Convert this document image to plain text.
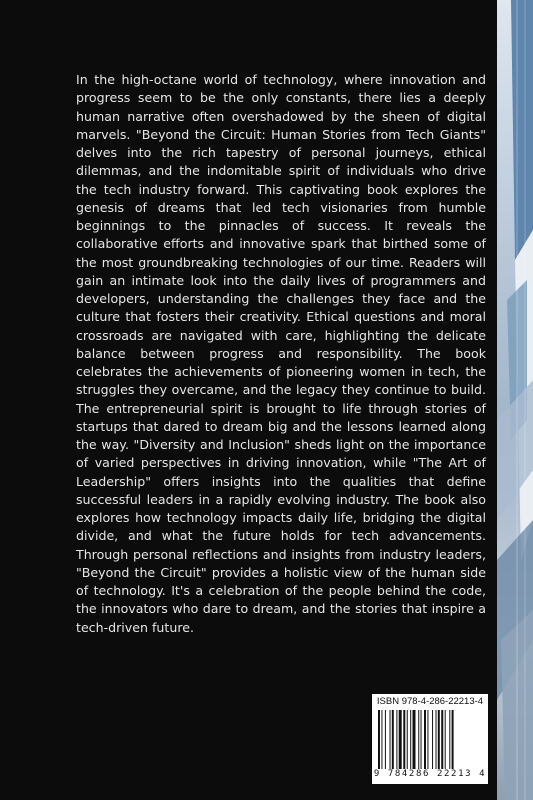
In the high-octane world of technology, where innovation and progress seem to be the only constants, there lies a deeply human narrative often overshadowed by the sheen of digital marvels. "Beyond the Circuit: Human Stories from Tech Giants" delves into the rich tapestry of personal journeys, ethical dilemmas, and the indomitable spirit of individuals who drive the tech industry forward. This captivating book explores the genesis of dreams that led tech visionaries from humble beginnings to the pinnacles of success. It reveals the collaborative efforts and innovative spark that birthed some of the most groundbreaking technologies of our time. Readers will gain an intimate look into the daily lives of programmers and developers, understanding the challenges they face and the culture that fosters their creativity. Ethical questions and moral crossroads are navigated with care, highlighting the delicate balance between progress and responsibility. The book celebrates the achievements of pioneering women in tech, the struggles they overcame, and the legacy they continue to build. The entrepreneurial spirit is brought to life through stories of startups that dared to dream big and the lessons learned along the way. "Diversity and Inclusion" sheds light on the importance of varied perspectives in driving innovation, while "The Art of Leadership" offers insights into the qualities that define successful leaders in a rapidly evolving industry. The book also explores how technology impacts daily life, bridging the digital divide, and what the future holds for tech advancements. Through personal reflections and insights from industry leaders, "Beyond the Circuit" provides a holistic view of the human side of technology. It's a celebration of the people behind the code, the innovators who dare to dream, and the stories that inspire a tech-driven future.
ISBN 978-4-286-22213-4
9 784286 22213 4
